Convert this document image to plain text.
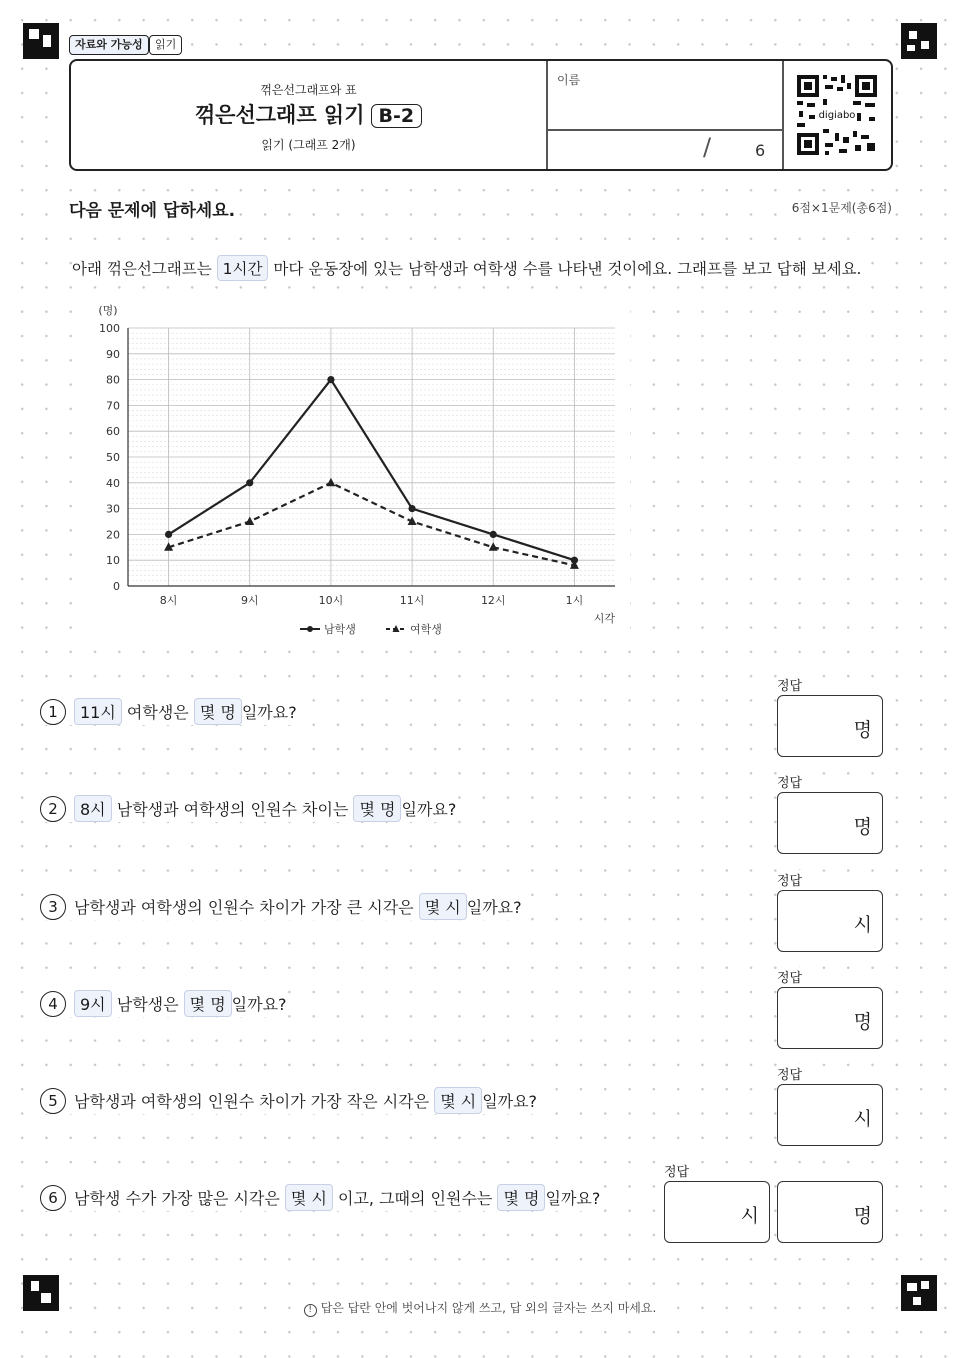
자료와 가능성	읽기
꺾은선그래프와 표
꺾은선그래프 읽기 B-2
읽기 (그래프 2개)
이름
/	6
digiabo
다음 문제에 답하세요.	6점×1문제(총6점)
아래 꺾은선그래프는 1시간 마다 운동장에 있는 남학생과 여학생 수를 나타낸 것이에요. 그래프를 보고 답해 보세요.
0
10
20
30
40
50
60
70
80
90
100
8시	9시	10시	11시	12시	1시
(명)
시각
남학생	여학생
1	11시
여학생은
몇 명 일까요?
정답
명
2	8시
남학생과 여학생의 인원수 차이는
몇 명 일까요?
정답
명
3	남학생과 여학생의 인원수 차이가 가장 큰 시각은
몇 시 일까요?
정답
시
4	9시
남학생은
몇 명 일까요?
정답
명
5	남학생과 여학생의 인원수 차이가 가장 작은 시각은
몇 시 일까요?
정답
시
6	남학생 수가 가장 많은 시각은
몇 시
이고, 그때의 인원수는
몇 명 일까요?
정답
시	명
! 답은 답란 안에 벗어나지 않게 쓰고, 답 외의 글자는 쓰지 마세요.
